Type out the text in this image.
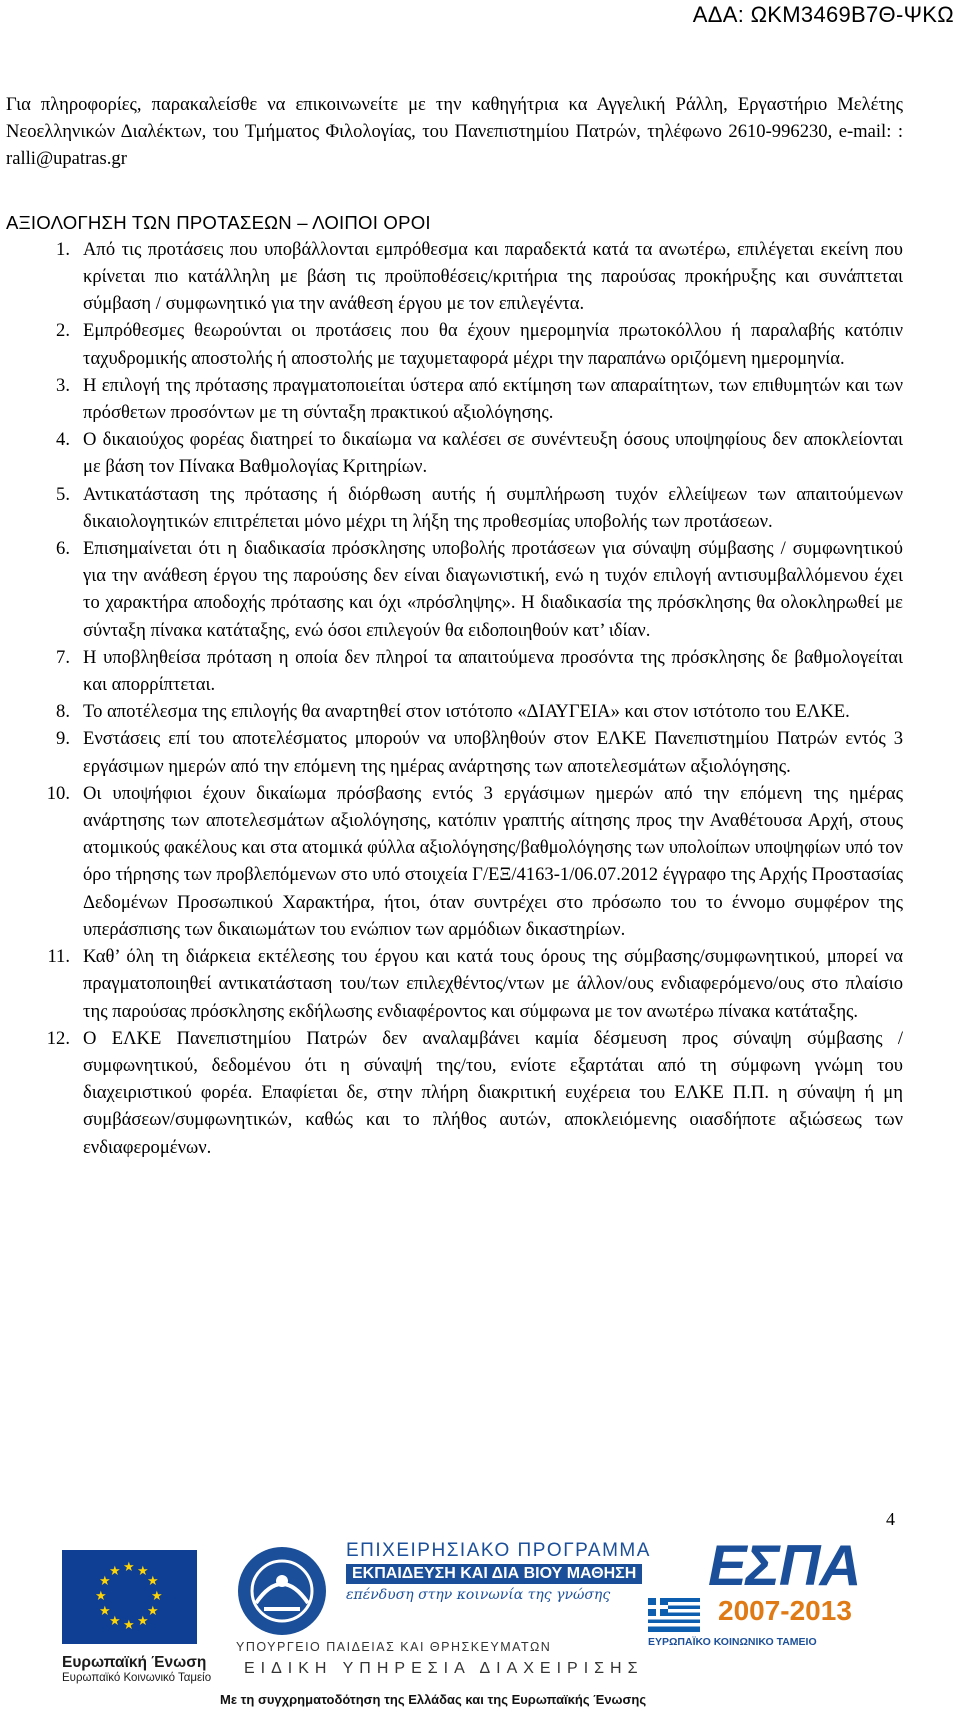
ΑΔΑ: ΩΚΜ3469Β7Θ-ΨΚΩ

Για πληροφορίες, παρακαλείσθε να επικοινωνείτε με την καθηγήτρια κα Αγγελική Ράλλη, Εργαστήριο Μελέτης Νεοελληνικών Διαλέκτων, του Τμήματος Φιλολογίας, του Πανεπιστημίου Πατρών, τηλέφωνο 2610-996230, e-mail: : ralli@upatras.gr

ΑΞΙΟΛΟΓΗΣΗ ΤΩΝ ΠΡΟΤΑΣΕΩΝ – ΛΟΙΠΟΙ ΟΡΟΙ
1. Από τις προτάσεις που υποβάλλονται εμπρόθεσμα και παραδεκτά κατά τα ανωτέρω, επιλέγεται εκείνη που κρίνεται πιο κατάλληλη με βάση τις προϋποθέσεις/κριτήρια της παρούσας προκήρυξης και συνάπτεται σύμβαση / συμφωνητικό για την ανάθεση έργου με τον επιλεγέντα.
2. Εμπρόθεσμες θεωρούνται οι προτάσεις που θα έχουν ημερομηνία πρωτοκόλλου ή παραλαβής κατόπιν ταχυδρομικής αποστολής ή αποστολής με ταχυμεταφορά μέχρι την παραπάνω οριζόμενη ημερομηνία.
3. Η επιλογή της πρότασης πραγματοποιείται ύστερα από εκτίμηση των απαραίτητων, των επιθυμητών και των πρόσθετων προσόντων με τη σύνταξη πρακτικού αξιολόγησης.
4. Ο δικαιούχος φορέας διατηρεί το δικαίωμα να καλέσει σε συνέντευξη όσους υποψηφίους δεν αποκλείονται με βάση τον Πίνακα Βαθμολογίας Κριτηρίων.
5. Αντικατάσταση της πρότασης ή διόρθωση αυτής ή συμπλήρωση τυχόν ελλείψεων των απαιτούμενων δικαιολογητικών επιτρέπεται μόνο μέχρι τη λήξη της προθεσμίας υποβολής των προτάσεων.
6. Επισημαίνεται ότι η διαδικασία πρόσκλησης υποβολής προτάσεων για σύναψη σύμβασης / συμφωνητικού για την ανάθεση έργου της παρούσης δεν είναι διαγωνιστική, ενώ η τυχόν επιλογή αντισυμβαλλόμενου έχει το χαρακτήρα αποδοχής πρότασης και όχι «πρόσληψης». Η διαδικασία της πρόσκλησης θα ολοκληρωθεί με σύνταξη πίνακα κατάταξης, ενώ όσοι επιλεγούν θα ειδοποιηθούν κατ’ ιδίαν.
7. Η υποβληθείσα πρόταση η οποία δεν πληροί τα απαιτούμενα προσόντα της πρόσκλησης δε βαθμολογείται και απορρίπτεται.
8. Το αποτέλεσμα της επιλογής θα αναρτηθεί στον ιστότοπο «ΔΙΑΥΓΕΙΑ» και στον ιστότοπο του ΕΛΚΕ.
9. Ενστάσεις επί του αποτελέσματος μπορούν να υποβληθούν στον ΕΛΚΕ Πανεπιστημίου Πατρών εντός 3 εργάσιμων ημερών από την επόμενη της ημέρας ανάρτησης των αποτελεσμάτων αξιολόγησης.
10. Οι υποψήφιοι έχουν δικαίωμα πρόσβασης εντός 3 εργάσιμων ημερών από την επόμενη της ημέρας ανάρτησης των αποτελεσμάτων αξιολόγησης, κατόπιν γραπτής αίτησης προς την Αναθέτουσα Αρχή, στους ατομικούς φακέλους και στα ατομικά φύλλα αξιολόγησης/βαθμολόγησης των υπολοίπων υποψηφίων υπό τον όρο τήρησης των προβλεπόμενων στο υπό στοιχεία Γ/ΕΞ/4163-1/06.07.2012 έγγραφο της Αρχής Προστασίας Δεδομένων Προσωπικού Χαρακτήρα, ήτοι, όταν συντρέχει στο πρόσωπο του το έννομο συμφέρον της υπεράσπισης των δικαιωμάτων του ενώπιον των αρμόδιων δικαστηρίων.
11. Καθ’ όλη τη διάρκεια εκτέλεσης του έργου και κατά τους όρους της σύμβασης/συμφωνητικού, μπορεί να πραγματοποιηθεί αντικατάσταση του/των επιλεχθέντος/ντων με άλλον/ους ενδιαφερόμενο/ους στο πλαίσιο της παρούσας πρόσκλησης εκδήλωσης ενδιαφέροντος και σύμφωνα με τον ανωτέρω πίνακα κατάταξης.
12. Ο ΕΛΚΕ Πανεπιστημίου Πατρών δεν αναλαμβάνει καμία δέσμευση προς σύναψη σύμβασης / συμφωνητικού, δεδομένου ότι η σύναψή της/του, ενίοτε εξαρτάται από τη σύμφωνη γνώμη του διαχειριστικού φορέα. Επαφίεται δε, στην πλήρη διακριτική ευχέρεια του ΕΛΚΕ Π.Π. η σύναψη ή μη συμβάσεων/συμφωνητικών, καθώς και το πλήθος αυτών, αποκλειόμενης οιασδήποτε αξιώσεως των ενδιαφερομένων.
4
★ ★
★
★
★
★
★
★
★
★
★
★
Ευρωπαϊκή Ένωση
Ευρωπαϊκό Κοινωνικό Ταμείο
ΕΠΙΧΕΙΡΗΣΙΑΚΟ ΠΡΟΓΡΑΜΜΑ
ΕΚΠΑΙΔΕΥΣΗ ΚΑΙ ΔΙΑ ΒΙΟΥ ΜΑΘΗΣΗ
επένδυση στην κοινωνία της γνώσης
ΥΠΟΥΡΓΕΙΟ ΠΑΙΔΕΙΑΣ ΚΑΙ ΘΡΗΣΚΕΥΜΑΤΩΝ
ΕΙΔΙΚΗ ΥΠΗΡΕΣΙΑ ΔΙΑΧΕΙΡΙΣΗΣ
ΕΣΠΑ
2007-2013
ΕΥΡΩΠΑΪΚΟ ΚΟΙΝΩΝΙΚΟ ΤΑΜΕΙΟ
Με τη συγχρηματοδότηση της Ελλάδας και της Ευρωπαϊκής Ένωσης
